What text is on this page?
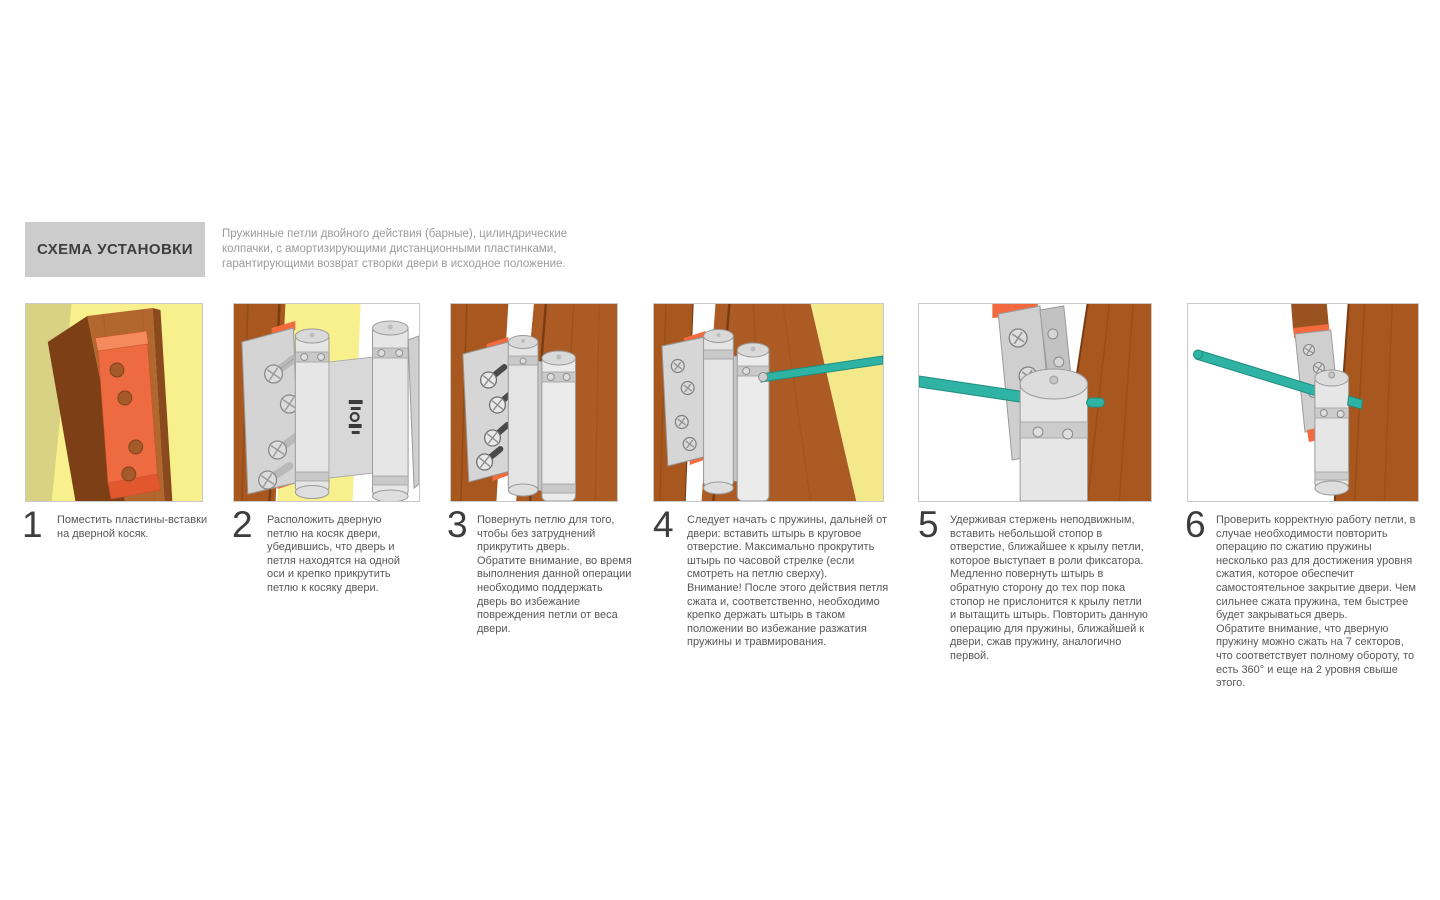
СХЕМА УСТАНОВКИ
Пружинные петли двойного действия (барные), цилиндрические
колпачки, с амортизирующими дистанционными пластинками,
гарантирующими возврат створки двери в исходное положение.
1 Поместить пластины-вставки на дверной косяк.	2 Расположить дверную петлю на косяк двери, убедившись, что дверь и петля находятся на одной оси и крепко прикрутить петлю к косяку двери.

3 Повернуть петлю для того, чтобы без затруднений прикрутить дверь.

Обратите внимание, во время выполнения данной операции необходимо поддержать дверь во избежание повреждения петли от веса двери.

4 Следует начать с пружины, дальней от двери: вставить штырь в круговое отверстие. Максимально прокрутить штырь по часовой стрелке (если смотреть на петлю сверху).

Внимание! После этого действия петля сжата и, соответственно, необходимо крепко держать штырь в таком положении во избежание разжатия пружины и травмирования.

5 Удерживая стержень неподвижным, вставить небольшой стопор в отверстие, ближайшее к крылу петли, которое выступает в роли фиксатора. Медленно повернуть штырь в обратную сторону до тех пор пока стопор не прислонится к крылу петли и вытащить штырь. Повторить данную операцию для пружины, ближайшей к двери, сжав пружину, аналогично первой.

6 Проверить корректную работу петли, в случае необходимости повторить операцию по сжатию пружины несколько раз для достижения уровня сжатия, которое обеспечит самостоятельное закрытие двери. Чем сильнее сжата пружина, тем быстрее будет закрываться дверь.

Обратите внимание, что дверную пружину можно сжать на 7 секторов, что соответствует полному обороту, то есть 360° и еще на 2 уровня свыше этого.
